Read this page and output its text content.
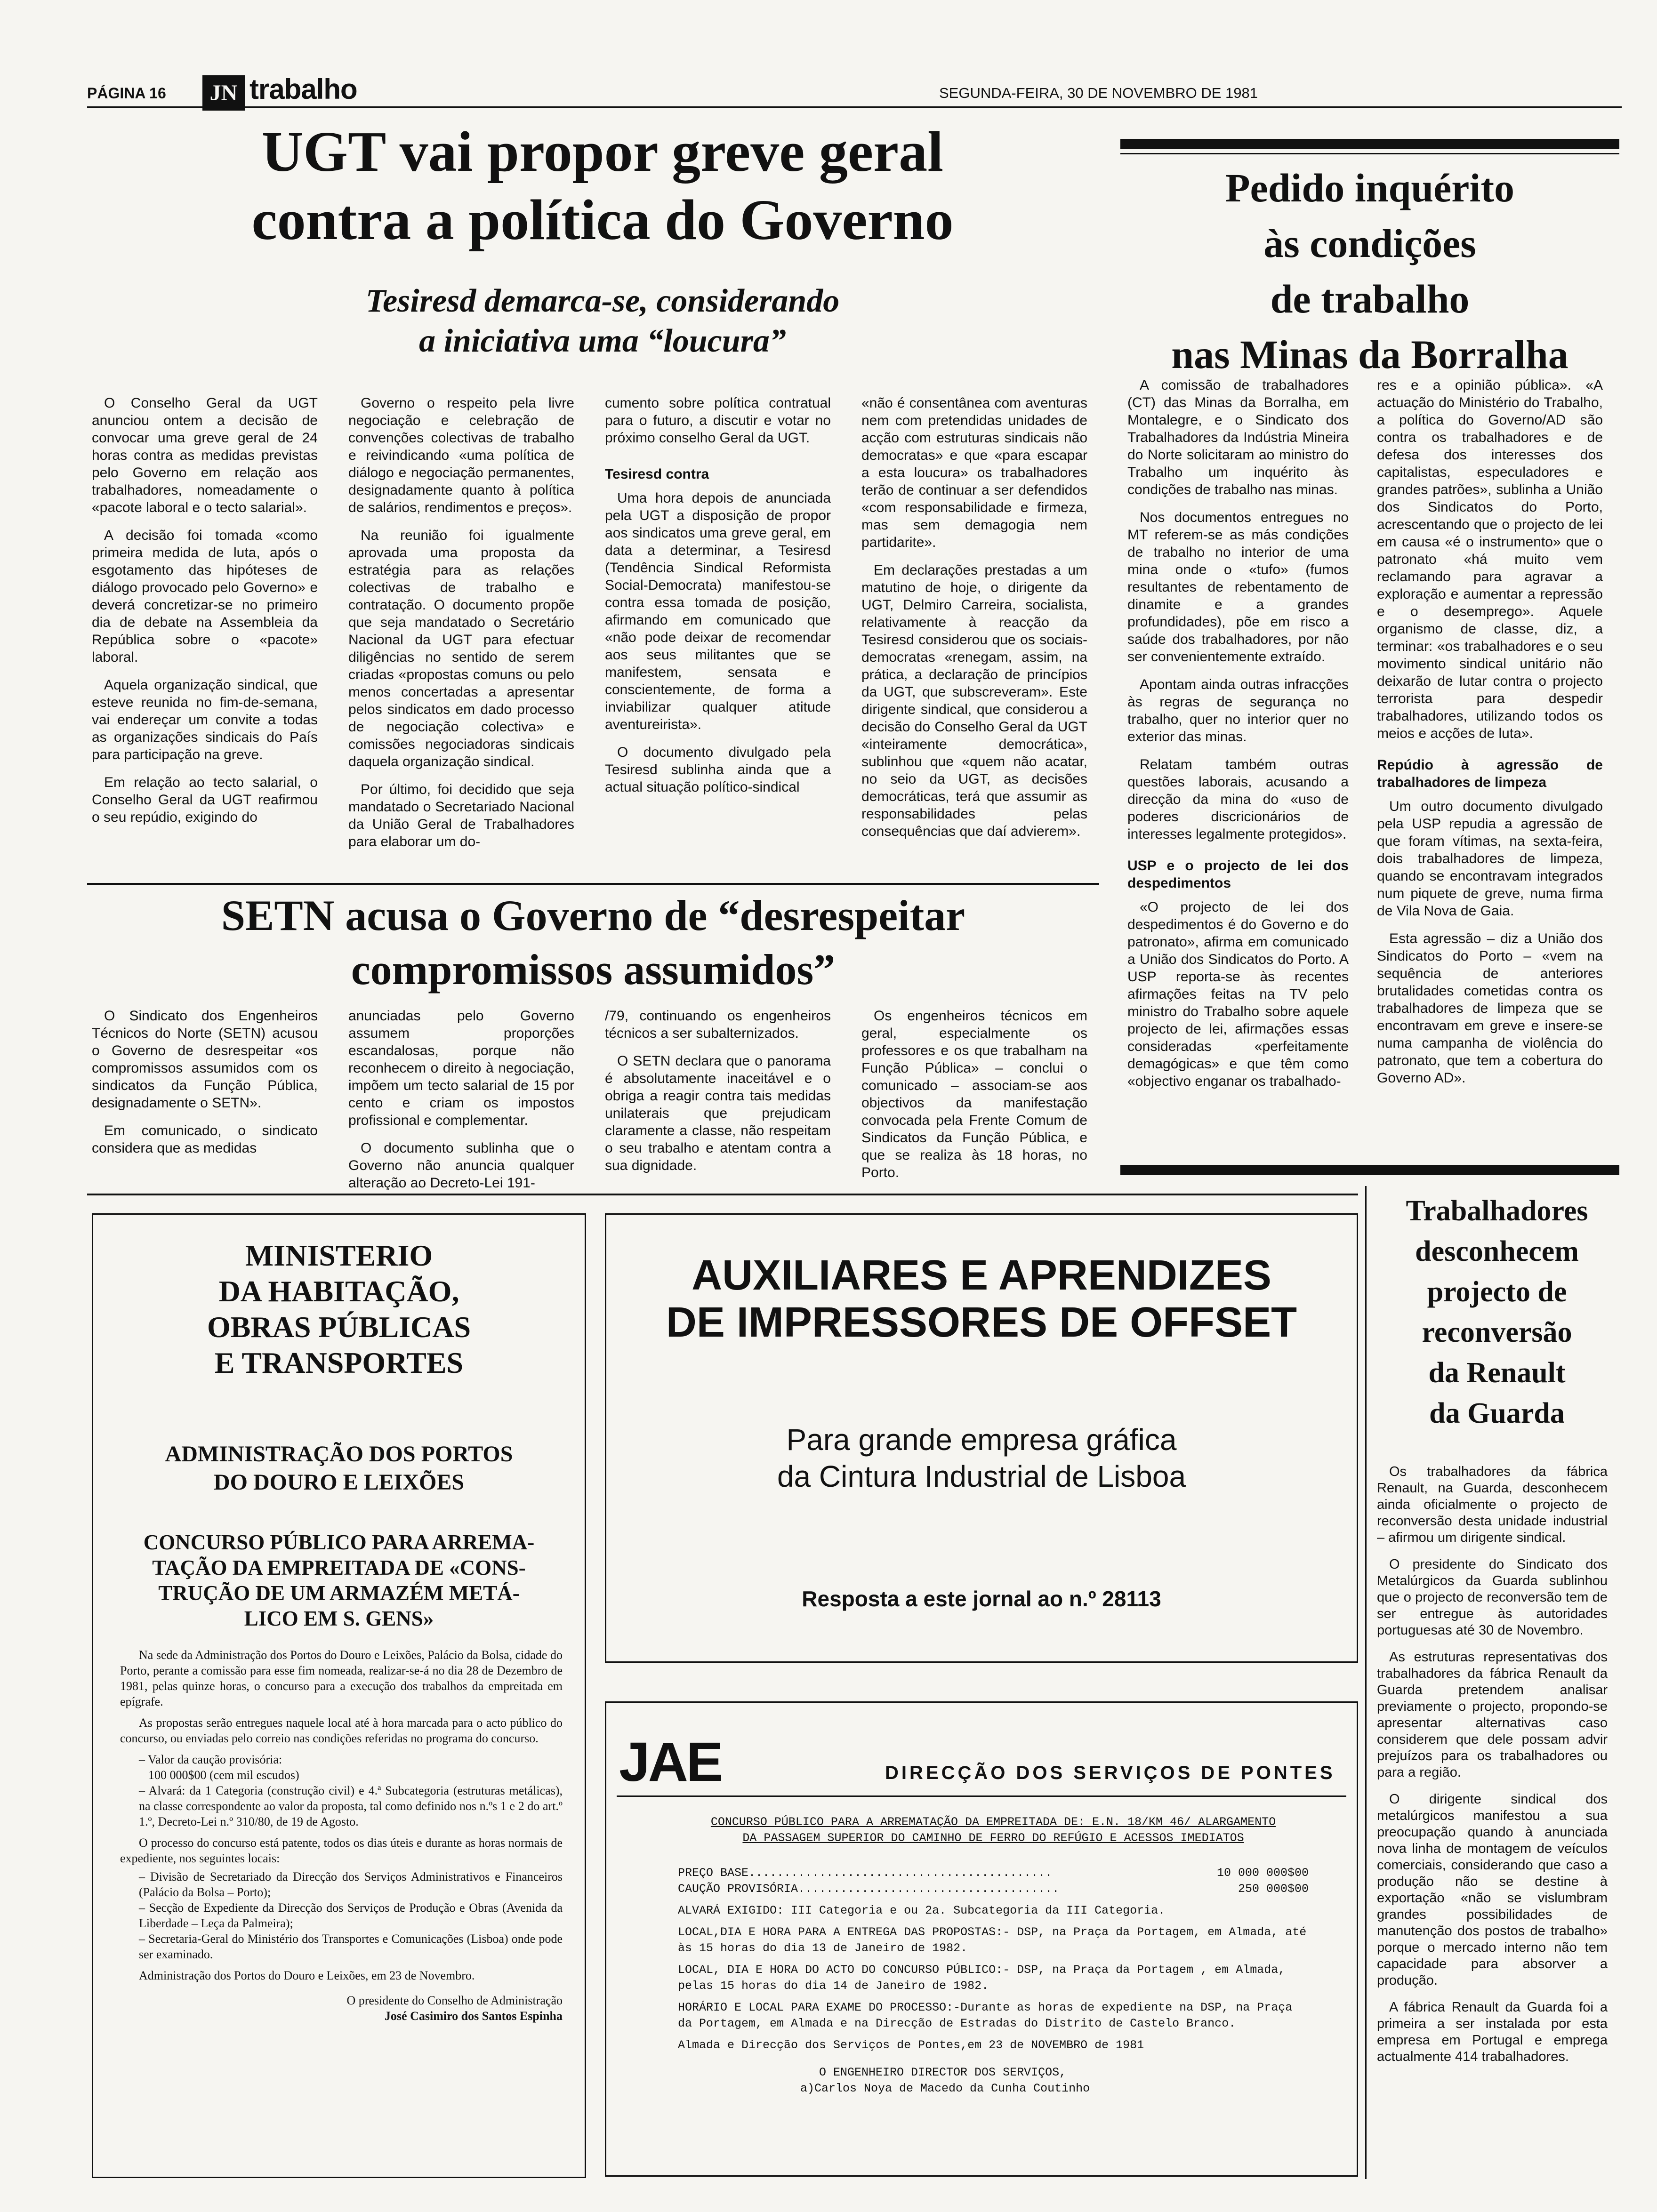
PÁGINA 16	JN trabalho	SEGUNDA-FEIRA, 30 DE NOVEMBRO DE 1981
UGT vai propor greve geral
contra a política do Governo
Tesiresd demarca-se, considerando
a iniciativa uma “loucura”

O Conselho Geral da UGT anunciou ontem a decisão de convocar uma greve geral de 24 horas contra as medidas previstas pelo Governo em relação aos trabalhadores, nomeadamente o «pacote laboral e o tecto salarial».

A decisão foi tomada «como primeira medida de luta, após o esgotamento das hipóteses de diálogo provocado pelo Governo» e deverá concretizar-se no primeiro dia de debate na Assembleia da República sobre o «pacote» laboral.

Aquela organização sindical, que esteve reunida no fim-de-semana, vai endereçar um convite a todas as organizações sindicais do País para participação na greve.

Em relação ao tecto salarial, o Conselho Geral da UGT reafirmou o seu repúdio, exigindo do

Governo o respeito pela livre negociação e celebração de convenções colectivas de trabalho e reivindicando «uma política de diálogo e negociação permanentes, designadamente quanto à política de salários, rendimentos e preços».

Na reunião foi igualmente aprovada uma proposta da estratégia para as relações colectivas de trabalho e contratação. O documento propõe que seja mandatado o Secretário Nacional da UGT para efectuar diligências no sentido de serem criadas «propostas comuns ou pelo menos concertadas a apresentar pelos sindicatos em dado processo de negociação colectiva» e comissões negociadoras sindicais daquela organização sindical.

Por último, foi decidido que seja mandatado o Secretariado Nacional da União Geral de Trabalhadores para elaborar um do-

cumento sobre política contratual para o futuro, a discutir e votar no próximo conselho Geral da UGT.

Tesiresd contra

Uma hora depois de anunciada pela UGT a disposição de propor aos sindicatos uma greve geral, em data a determinar, a Tesiresd (Tendência Sindical Reformista Social-Democrata) manifestou-se contra essa tomada de posição, afirmando em comunicado que «não pode deixar de recomendar aos seus militantes que se manifestem, sensata e conscientemente, de forma a inviabilizar qualquer atitude aventureirista».

O documento divulgado pela Tesiresd sublinha ainda que a actual situação político-sindical

«não é consentânea com aventuras nem com pretendidas unidades de acção com estruturas sindicais não democratas» e que «para escapar a esta loucura» os trabalhadores terão de continuar a ser defendidos «com responsabilidade e firmeza, mas sem demagogia nem partidarite».

Em declarações prestadas a um matutino de hoje, o dirigente da UGT, Delmiro Carreira, socialista, relativamente à reacção da Tesiresd considerou que os sociais-democratas «renegam, assim, na prática, a declaração de princípios da UGT, que subscreveram». Este dirigente sindical, que considerou a decisão do Conselho Geral da UGT «inteiramente democrática», sublinhou que «quem não acatar, no seio da UGT, as decisões democráticas, terá que assumir as responsabilidades pelas consequências que daí advierem».

Pedido inquérito
às condições
de trabalho
nas Minas da Borralha

A comissão de trabalhadores (CT) das Minas da Borralha, em Montalegre, e o Sindicato dos Trabalhadores da Indústria Mineira do Norte solicitaram ao ministro do Trabalho um inquérito às condições de trabalho nas minas.

Nos documentos entregues no MT referem-se as más condições de trabalho no interior de uma mina onde o «tufo» (fumos resultantes de rebentamento de dinamite e a grandes profundidades), põe em risco a saúde dos trabalhadores, por não ser convenientemente extraído.

Apontam ainda outras infracções às regras de segurança no trabalho, quer no interior quer no exterior das minas.

Relatam também outras questões laborais, acusando a direcção da mina do «uso de poderes discricionários de interesses legalmente protegidos».

USP e o projecto de lei dos despedimentos

«O projecto de lei dos despedimentos é do Governo e do patronato», afirma em comunicado a União dos Sindicatos do Porto. A USP reporta-se às recentes afirmações feitas na TV pelo ministro do Trabalho sobre aquele projecto de lei, afirmações essas consideradas «perfeitamente demagógicas» e que têm como «objectivo enganar os trabalhado-

res e a opinião pública». «A actuação do Ministério do Trabalho, a política do Governo/AD são contra os trabalhadores e de defesa dos interesses dos capitalistas, especuladores e grandes patrões», sublinha a União dos Sindicatos do Porto, acrescentando que o projecto de lei em causa «é o instrumento» que o patronato «há muito vem reclamando para agravar a exploração e aumentar a repressão e o desemprego». Aquele organismo de classe, diz, a terminar: «os trabalhadores e o seu movimento sindical unitário não deixarão de lutar contra o projecto terrorista para despedir trabalhadores, utilizando todos os meios e acções de luta».

Repúdio à agressão de trabalhadores de limpeza

Um outro documento divulgado pela USP repudia a agressão de que foram vítimas, na sexta-feira, dois trabalhadores de limpeza, quando se encontravam integrados num piquete de greve, numa firma de Vila Nova de Gaia.

Esta agressão – diz a União dos Sindicatos do Porto – «vem na sequência de anteriores brutalidades cometidas contra os trabalhadores de limpeza que se encontravam em greve e insere-se numa campanha de violência do patronato, que tem a cobertura do Governo AD».

SETN acusa o Governo de “desrespeitar
compromissos assumidos”

O Sindicato dos Engenheiros Técnicos do Norte (SETN) acusou o Governo de desrespeitar «os compromissos assumidos com os sindicatos da Função Pública, designadamente o SETN».

Em comunicado, o sindicato considera que as medidas

anunciadas pelo Governo assumem proporções escandalosas, porque não reconhecem o direito à negociação, impõem um tecto salarial de 15 por cento e criam os impostos profissional e complementar.

O documento sublinha que o Governo não anuncia qualquer alteração ao Decreto-Lei 191-

/79, continuando os engenheiros técnicos a ser subalternizados.

O SETN declara que o panorama é absolutamente inaceitável e o obriga a reagir contra tais medidas unilaterais que prejudicam claramente a classe, não respeitam o seu trabalho e atentam contra a sua dignidade.

Os engenheiros técnicos em geral, especialmente os professores e os que trabalham na Função Pública» – conclui o comunicado – associam-se aos objectivos da manifestação convocada pela Frente Comum de Sindicatos da Função Pública, e que se realiza às 18 horas, no Porto.

MINISTERIO
DA HABITAÇÃO,
OBRAS PÚBLICAS
E TRANSPORTES
ADMINISTRAÇÃO DOS PORTOS
DO DOURO E LEIXÕES
CONCURSO PÚBLICO PARA ARREMA-
TAÇÃO DA EMPREITADA DE «CONS-
TRUÇÃO DE UM ARMAZÉM METÁ-
LICO EM S. GENS»

Na sede da Administração dos Portos do Douro e Leixões, Palácio da Bolsa, cidade do Porto, perante a comissão para esse fim nomeada, realizar-se-á no dia 28 de Dezembro de 1981, pelas quinze horas, o concurso para a execução dos trabalhos da empreitada em epígrafe.

As propostas serão entregues naquele local até à hora marcada para o acto público do concurso, ou enviadas pelo correio nas condições referidas no programa do concurso.

– Valor da caução provisória:
100 000$00 (cem mil escudos)
– Alvará: da 1 Categoria (construção civil) e 4.ª Subcategoria (estruturas metálicas), na classe correspondente ao valor da proposta, tal como definido nos n.ºs 1 e 2 do art.º 1.º, Decreto-Lei n.º 310/80, de 19 de Agosto.

O processo do concurso está patente, todos os dias úteis e durante as horas normais de expediente, nos seguintes locais:

– Divisão de Secretariado da Direcção dos Serviços Administrativos e Financeiros (Palácio da Bolsa – Porto);
– Secção de Expediente da Direcção dos Serviços de Produção e Obras (Avenida da Liberdade – Leça da Palmeira);
– Secretaria-Geral do Ministério dos Transportes e Comunicações (Lisboa) onde pode ser examinado.

Administração dos Portos do Douro e Leixões, em 23 de Novembro.

O presidente do Conselho de Administração
José Casimiro dos Santos Espinha
AUXILIARES E APRENDIZES
DE IMPRESSORES DE OFFSET
Para grande empresa gráfica
da Cintura Industrial de Lisboa
Resposta a este jornal ao n.º 28113
JAE	DIRECÇÃO DOS SERVIÇOS DE PONTES
CONCURSO PÚBLICO PARA A ARREMATAÇÃO DA EMPREITADA DE: E.N. 18/KM 46/ ALARGAMENTO
DA PASSAGEM SUPERIOR DO CAMINHO DE FERRO DO REFÚGIO E ACESSOS IMEDIATOS
PREÇO BASE...........................................	10 000 000$00
CAUÇÃO PROVISÓRIA.....................................	250 000$00
ALVARÁ EXIGIDO: III Categoria e ou 2a. Subcategoria da III Categoria.
LOCAL,DIA E HORA PARA A ENTREGA DAS PROPOSTAS:- DSP, na Praça da Portagem, em Almada, até às 15 horas do dia 13 de Janeiro de 1982.
LOCAL, DIA E HORA DO ACTO DO CONCURSO PÚBLICO:- DSP, na Praça da Portagem , em Almada, pelas 15 horas do dia 14 de Janeiro de 1982.
HORÁRIO E LOCAL PARA EXAME DO PROCESSO:-Durante as horas de expediente na DSP, na Praça da Portagem, em Almada e na Direcção de Estradas do Distrito de Castelo Branco.
Almada e Direcção dos Serviços de Pontes,em 23 de NOVEMBRO de 1981
O ENGENHEIRO DIRECTOR DOS SERVIÇOS,
a)Carlos Noya de Macedo da Cunha Coutinho
Trabalhadores
desconhecem
projecto de
reconversão
da Renault
da Guarda

Os trabalhadores da fábrica Renault, na Guarda, desconhecem ainda oficialmente o projecto de reconversão desta unidade industrial – afirmou um dirigente sindical.

O presidente do Sindicato dos Metalúrgicos da Guarda sublinhou que o projecto de reconversão tem de ser entregue às autoridades portuguesas até 30 de Novembro.

As estruturas representativas dos trabalhadores da fábrica Renault da Guarda pretendem analisar previamente o projecto, propondo-se apresentar alternativas caso considerem que dele possam advir prejuízos para os trabalhadores ou para a região.

O dirigente sindical dos metalúrgicos manifestou a sua preocupação quando à anunciada nova linha de montagem de veículos comerciais, considerando que caso a produção não se destine à exportação «não se vislumbram grandes possibilidades de manutenção dos postos de trabalho» porque o mercado interno não tem capacidade para absorver a produção.

A fábrica Renault da Guarda foi a primeira a ser instalada por esta empresa em Portugal e emprega actualmente 414 trabalhadores.
